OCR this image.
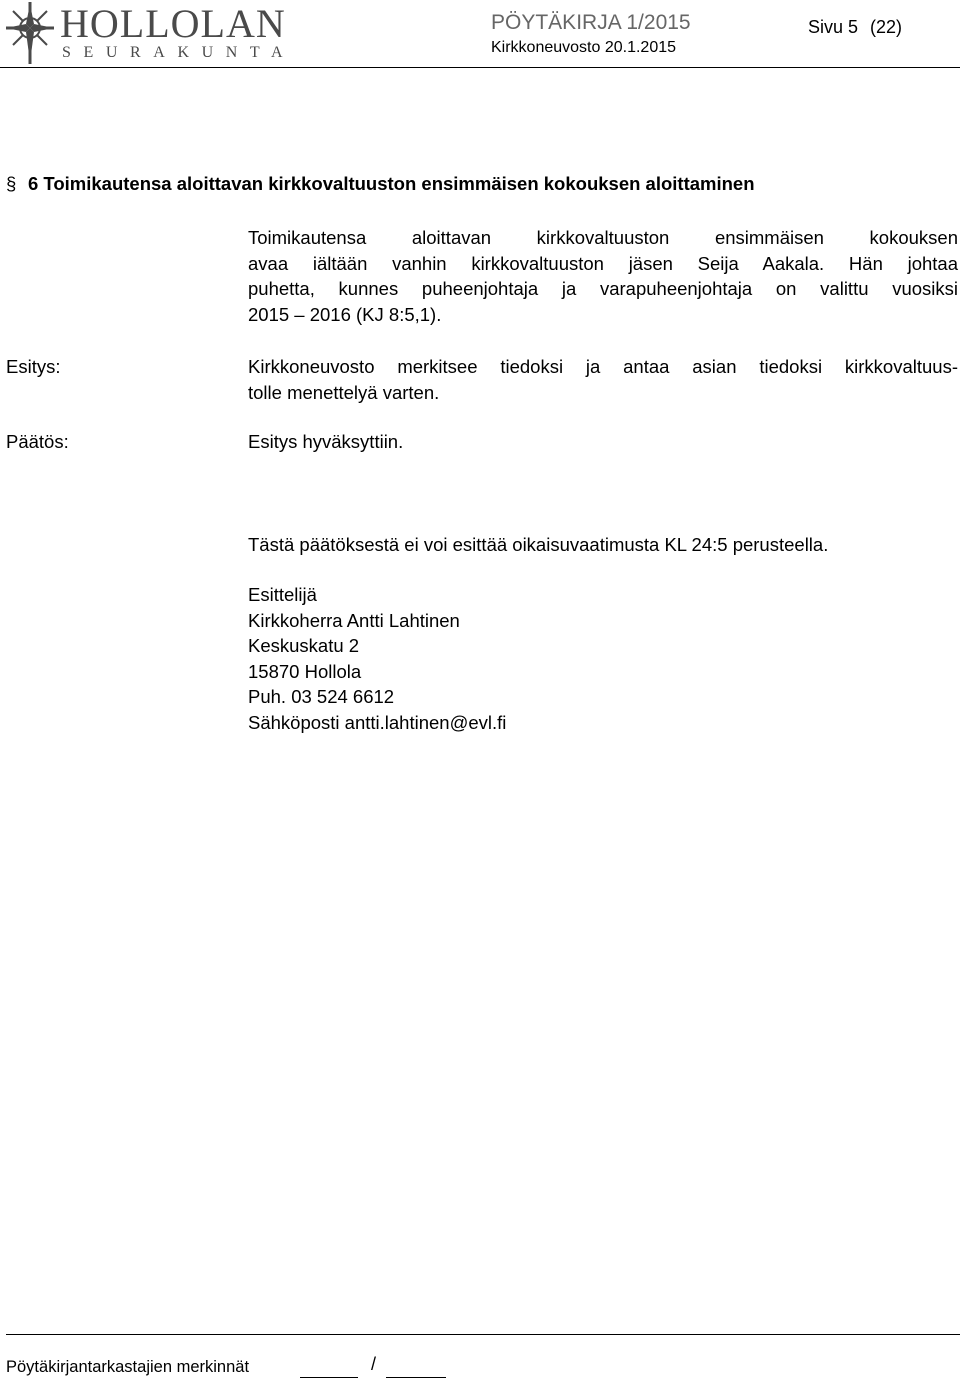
HOLLOLAN
SEURAKUNTA
PÖYTÄKIRJA 1/2015
Kirkkoneuvosto 20.1.2015
Sivu 5 (22)
§ 6 Toimikautensa aloittavan kirkkovaltuuston ensimmäisen kokouksen aloittaminen
Toimikautensa aloittavan kirkkovaltuuston ensimmäisen kokouksen
avaa iältään vanhin kirkkovaltuuston jäsen Seija Aakala. Hän johtaa
puhetta, kunnes puheenjohtaja ja varapuheenjohtaja on valittu vuosiksi
2015 – 2016 (KJ 8:5,1).
Esitys:	Kirkkoneuvosto merkitsee tiedoksi ja antaa asian tiedoksi kirkkovaltuus-
tolle menettelyä varten.
Päätös:	Esitys hyväksyttiin.
Tästä päätöksestä ei voi esittää oikaisuvaatimusta KL 24:5 perusteella.
Esittelijä
Kirkkoherra Antti Lahtinen
Keskuskatu 2
15870 Hollola
Puh. 03 524 6612
Sähköposti antti.lahtinen@evl.fi
Pöytäkirjantarkastajien merkinnät	/
